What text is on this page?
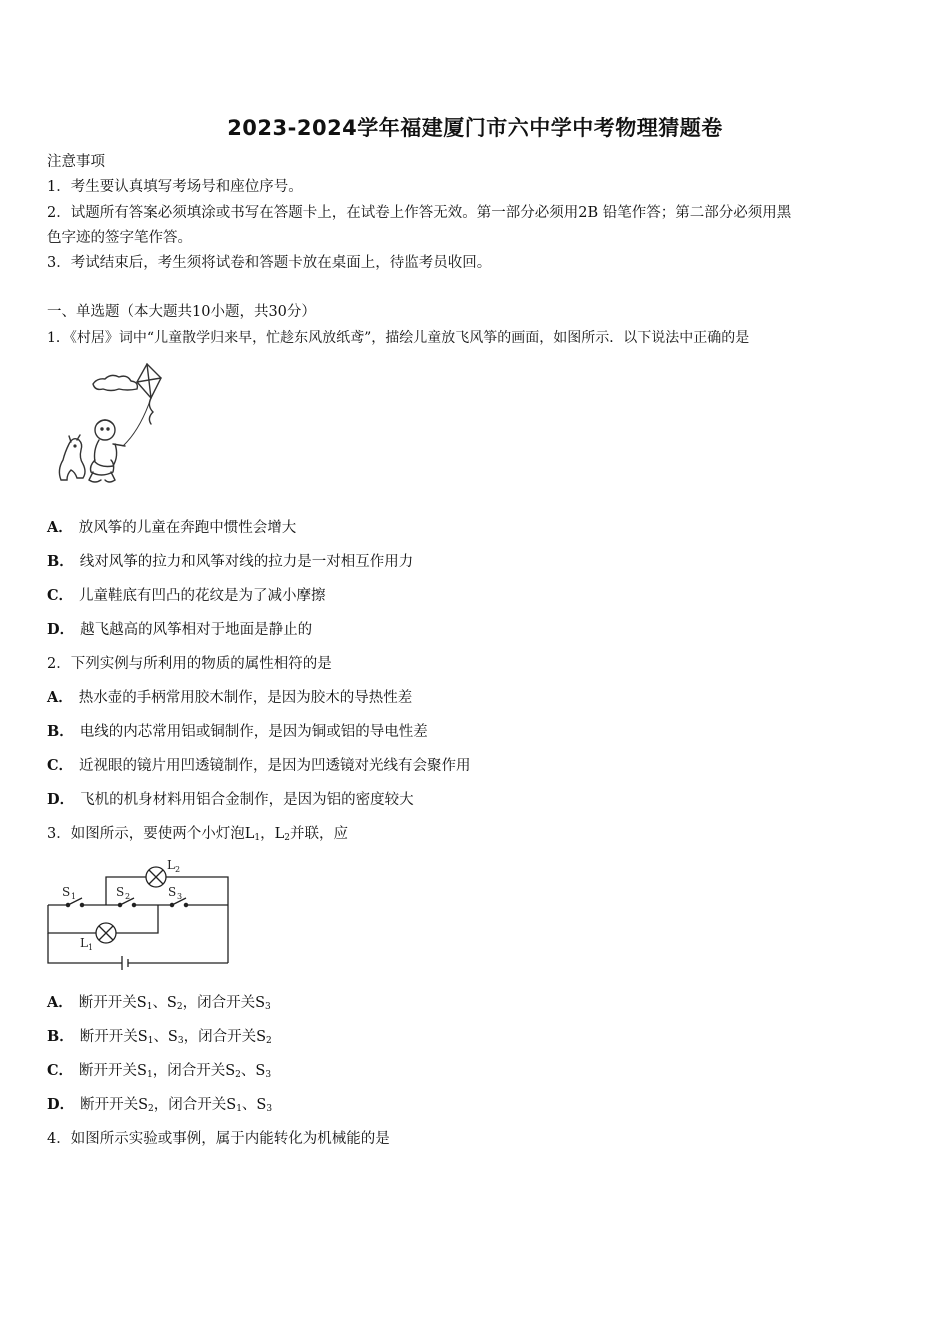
2023-2024学年福建厦门市六中学中考物理猜题卷
注意事项
1．考生要认真填写考场号和座位序号。
2．试题所有答案必须填涂或书写在答题卡上，在试卷上作答无效。第一部分必须用2B 铅笔作答；第二部分必须用黑
色字迹的签字笔作答。
3．考试结束后，考生须将试卷和答题卡放在桌面上，待监考员收回。
一、单选题（本大题共10小题，共30分）
1．《村居》词中“儿童散学归来早，忙趁东风放纸鸢”，描绘儿童放飞风筝的画面，如图所示．以下说法中正确的是
A． 放风筝的儿童在奔跑中惯性会增大
B． 线对风筝的拉力和风筝对线的拉力是一对相互作用力
C． 儿童鞋底有凹凸的花纹是为了减小摩擦
D． 越飞越高的风筝相对于地面是静止的
2．下列实例与所利用的物质的属性相符的是
A． 热水壶的手柄常用胶木制作，是因为胶木的导热性差
B． 电线的内芯常用铝或铜制作，是因为铜或铝的导电性差
C． 近视眼的镜片用凹透镜制作，是因为凹透镜对光线有会聚作用
D． 飞机的机身材料用铝合金制作，是因为铝的密度较大
3．如图所示，要使两个小灯泡$L_1$，$L_2$并联，应
S 1	S 2	S 3
L 2
L 1
A． 断开开关$S_1$、$S_2$，闭合开关$S_3$
B． 断开开关$S_1$、$S_3$，闭合开关$S_2$
C． 断开开关$S_1$，闭合开关$S_2$、$S_3$
D． 断开开关$S_2$，闭合开关$S_1$、$S_3$
4．如图所示实验或事例，属于内能转化为机械能的是
